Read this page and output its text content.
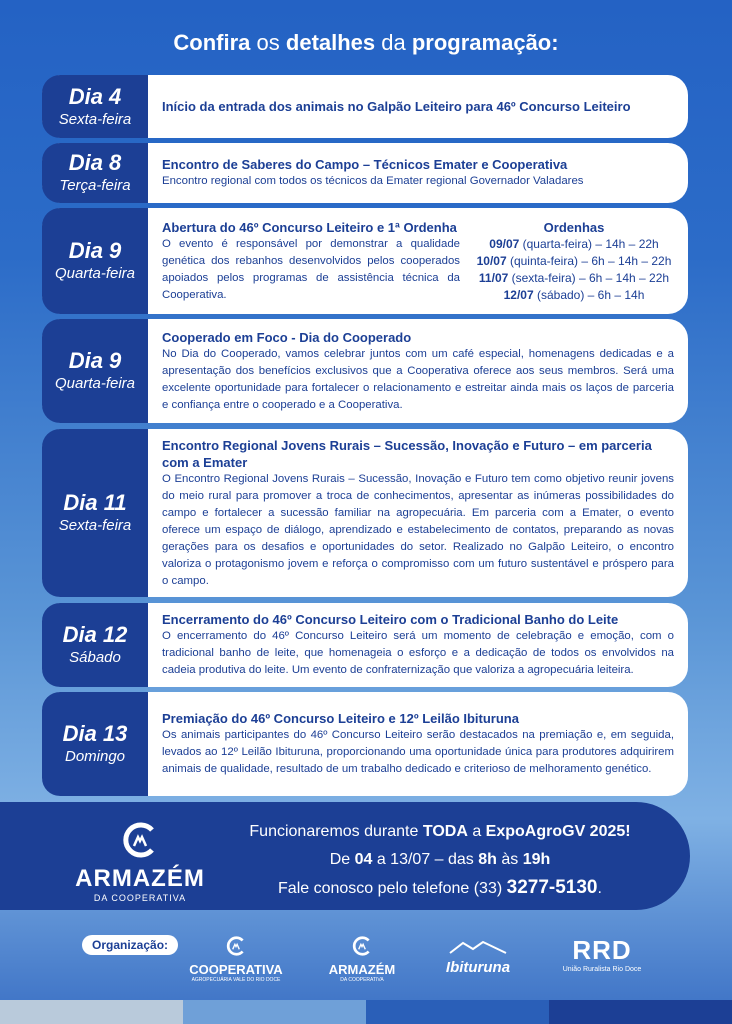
Confira os detalhes da programação:
Dia 4
Sexta-feira
Início da entrada dos animais no Galpão Leiteiro para 46º Concurso Leiteiro
Dia 8
Terça-feira
Encontro de Saberes do Campo – Técnicos Emater e Cooperativa
Encontro regional com todos os técnicos da Emater regional Governador Valadares
Dia 9
Quarta-feira
Abertura do 46º Concurso Leiteiro e 1ª Ordenha
O evento é responsável por demonstrar a qualidade genética dos rebanhos desenvolvidos pelos cooperados apoiados pelos programas de assistência técnica da Cooperativa.
Ordenhas
09/07 (quarta-feira) – 14h – 22h
10/07 (quinta-feira) – 6h – 14h – 22h
11/07 (sexta-feira) – 6h – 14h – 22h
12/07 (sábado) – 6h – 14h
Dia 9
Quarta-feira
Cooperado em Foco - Dia do Cooperado
No Dia do Cooperado, vamos celebrar juntos com um café especial, homenagens dedicadas e a apresentação dos benefícios exclusivos que a Cooperativa oferece aos seus membros. Será uma excelente oportunidade para fortalecer o relacionamento e estreitar ainda mais os laços de parceria e confiança entre o cooperado e a Cooperativa.
Dia 11
Sexta-feira
Encontro Regional Jovens Rurais – Sucessão, Inovação e Futuro – em parceria com a Emater
O Encontro Regional Jovens Rurais – Sucessão, Inovação e Futuro tem como objetivo reunir jovens do meio rural para promover a troca de conhecimentos, apresentar as inúmeras possibilidades do campo e fortalecer a sucessão familiar na agropecuária. Em parceria com a Emater, o evento oferece um espaço de diálogo, aprendizado e estabelecimento de contatos, preparando as novas gerações para os desafios e oportunidades do setor. Realizado no Galpão Leiteiro, o encontro valoriza o protagonismo jovem e reforça o compromisso com um futuro sustentável e próspero para o campo.
Dia 12
Sábado
Encerramento do 46º Concurso Leiteiro com o Tradicional Banho do Leite
O encerramento do 46º Concurso Leiteiro será um momento de celebração e emoção, com o tradicional banho de leite, que homenageia o esforço e a dedicação de todos os envolvidos na cadeia produtiva do leite. Um evento de confraternização que valoriza a agropecuária leiteira.
Dia 13
Domingo
Premiação do 46º Concurso Leiteiro e 12º Leilão Ibituruna
Os animais participantes do 46º Concurso Leiteiro serão destacados na premiação e, em seguida, levados ao 12º Leilão Ibituruna, proporcionando uma oportunidade única para produtores adquirirem animais de qualidade, resultado de um trabalho dedicado e criterioso de melhoramento genético.
ARMAZÉM
DA COOPERATIVA
Funcionaremos durante TODA a ExpoAgroGV 2025!
De 04 a 13/07 – das 8h às 19h
Fale conosco pelo telefone (33) 3277-5130.
Organização:
COOPERATIVA
AGROPECUÁRIA VALE DO RIO DOCE
ARMAZÉM
DA COOPERATIVA
Ibituruna
RRD
União Ruralista Rio Doce
